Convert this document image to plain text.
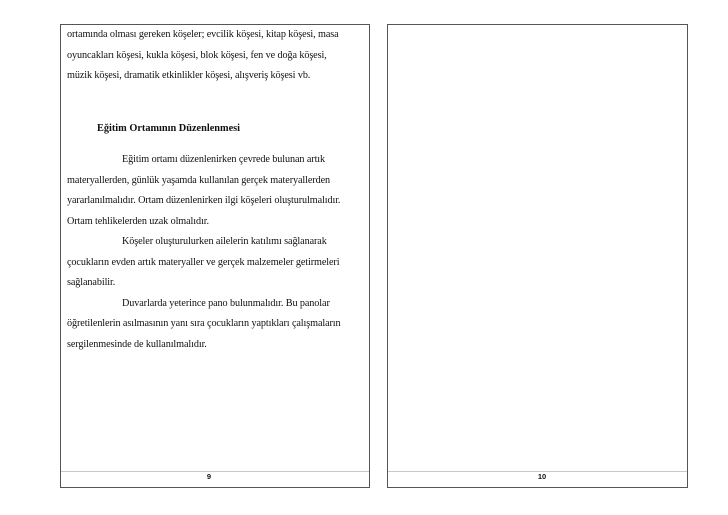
ortamında olması gereken köşeler; evcilik köşesi, kitap köşesi, masa

oyuncakları köşesi, kukla köşesi, blok köşesi, fen ve doğa köşesi,

müzik köşesi, dramatik etkinlikler köşesi, alışveriş köşesi vb.

Eğitim Ortamının Düzenlenmesi

Eğitim ortamı düzenlenirken çevrede bulunan artık

materyallerden, günlük yaşamda kullanılan gerçek materyallerden

yararlanılmalıdır. Ortam düzenlenirken ilgi köşeleri oluşturulmalıdır.

Ortam tehlikelerden uzak olmalıdır.

Köşeler oluşturulurken ailelerin katılımı sağlanarak

çocukların evden artık materyaller ve gerçek malzemeler getirmeleri

sağlanabilir.

Duvarlarda yeterince pano bulunmalıdır. Bu panolar

öğretilenlerin asılmasının yanı sıra çocukların yaptıkları çalışmaların

sergilenmesinde de kullanılmalıdır.

9	10
